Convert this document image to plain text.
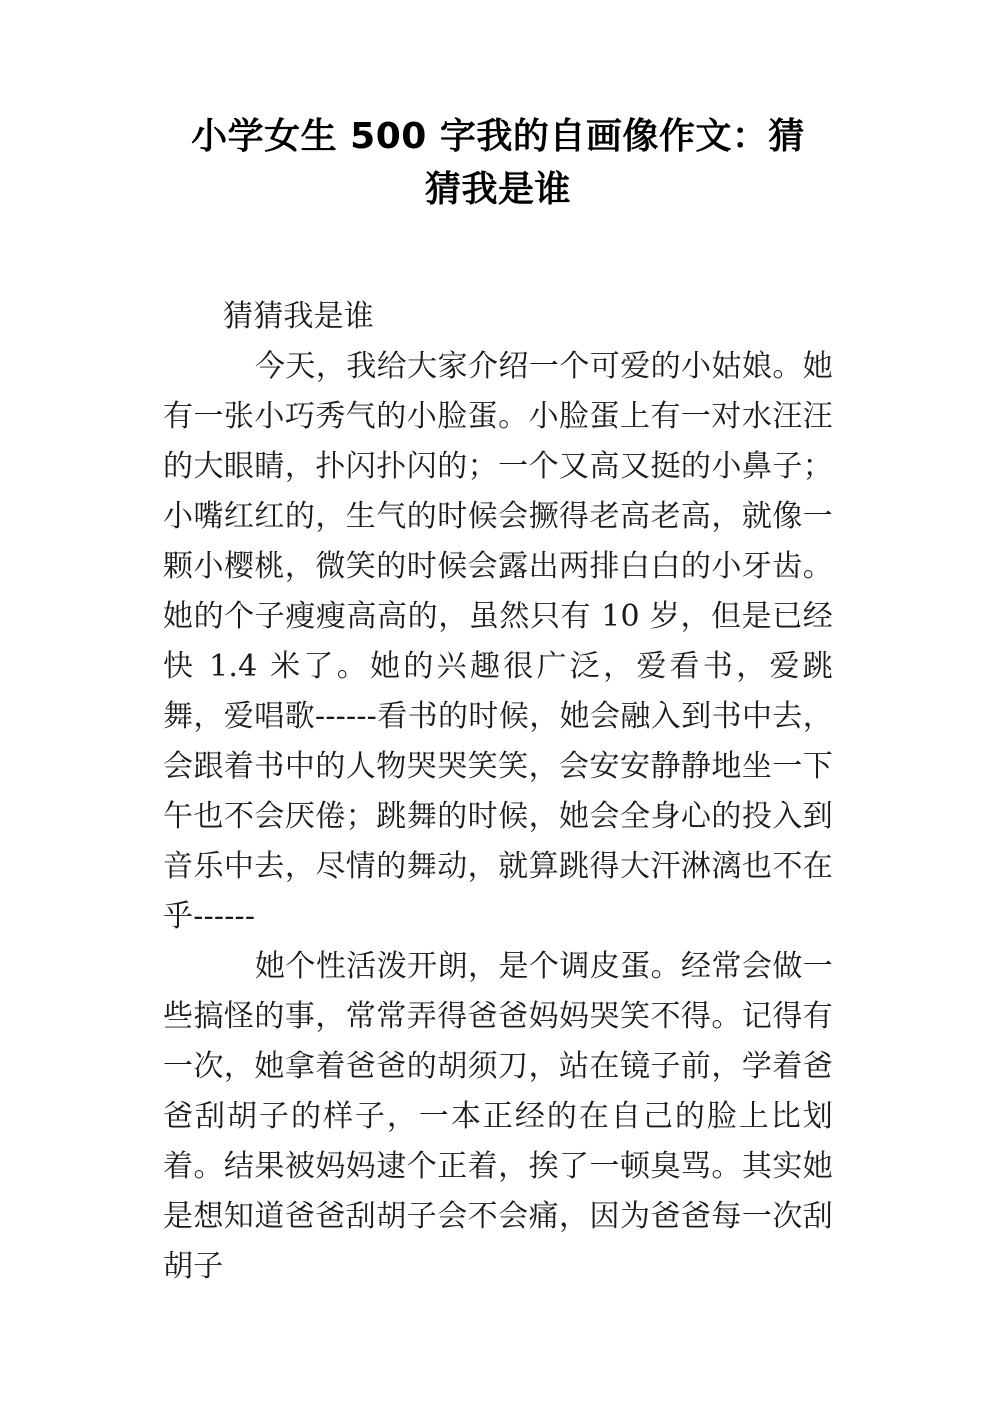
小学女生 500 字我的自画像作文：猜
猜我是谁

猜猜我是谁

今天，我给大家介绍一个可爱的小姑娘。她有一张小巧秀气的小脸蛋。小脸蛋上有一对水汪汪的大眼睛，扑闪扑闪的；一个又高又挺的小鼻子；小嘴红红的，生气的时候会撅得老高老高，就像一颗小樱桃，微笑的时候会露出两排白白的小牙齿。她的个子瘦瘦高高的，虽然只有 10 岁，但是已经快 1.4 米了。她的兴趣很广泛，爱看书，爱跳舞，爱唱歌------看书的时候，她会融入到书中去，会跟着书中的人物哭哭笑笑，会安安静静地坐一下午也不会厌倦；跳舞的时候，她会全身心的投入到音乐中去，尽情的舞动，就算跳得大汗淋漓也不在乎------

她个性活泼开朗，是个调皮蛋。经常会做一些搞怪的事，常常弄得爸爸妈妈哭笑不得。记得有一次，她拿着爸爸的胡须刀，站在镜子前，学着爸爸刮胡子的样子，一本正经的在自己的脸上比划着。结果被妈妈逮个正着，挨了一顿臭骂。其实她是想知道爸爸刮胡子会不会痛，因为爸爸每一次刮胡子
